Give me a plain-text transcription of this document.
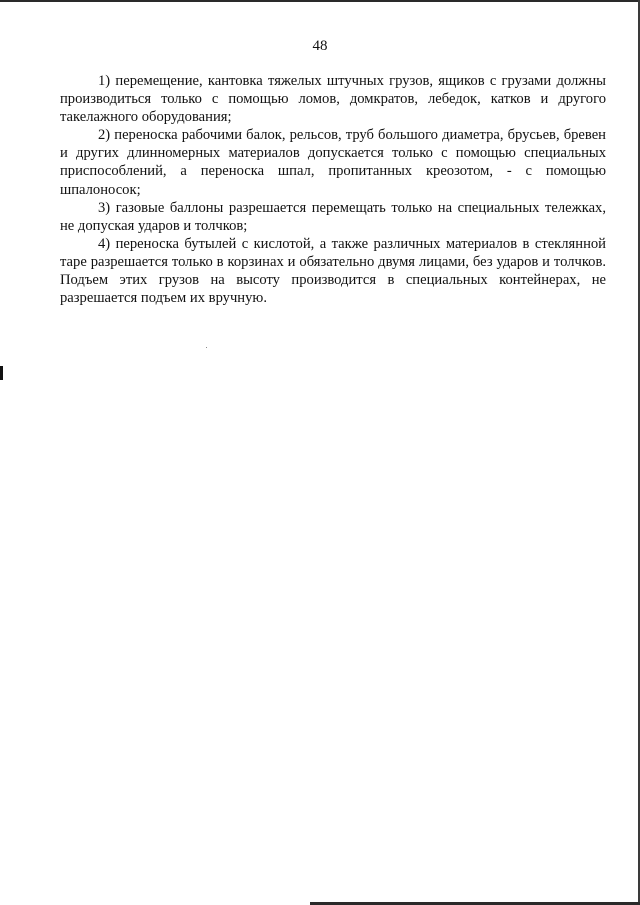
48

1) перемещение, кантовка тяжелых штучных грузов, ящиков с грузами должны производиться только с помощью ломов, домкратов, лебедок, катков и другого такелажного оборудования;

2) переноска рабочими балок, рельсов, труб большого диаметра, брусьев, бревен и других длинномерных материалов допускается только с помощью специальных приспособлений, а переноска шпал, пропитанных креозотом, - с помощью шпалоносок;

3) газовые баллоны разрешается перемещать только на специальных тележках, не допуская ударов и толчков;

4) переноска бутылей с кислотой, а также различных материалов в стеклянной таре разрешается только в корзинах и обязательно двумя лицами, без ударов и толчков. Подъем этих грузов на высоту производится в специальных контейнерах, не разрешается подъем их вручную.
